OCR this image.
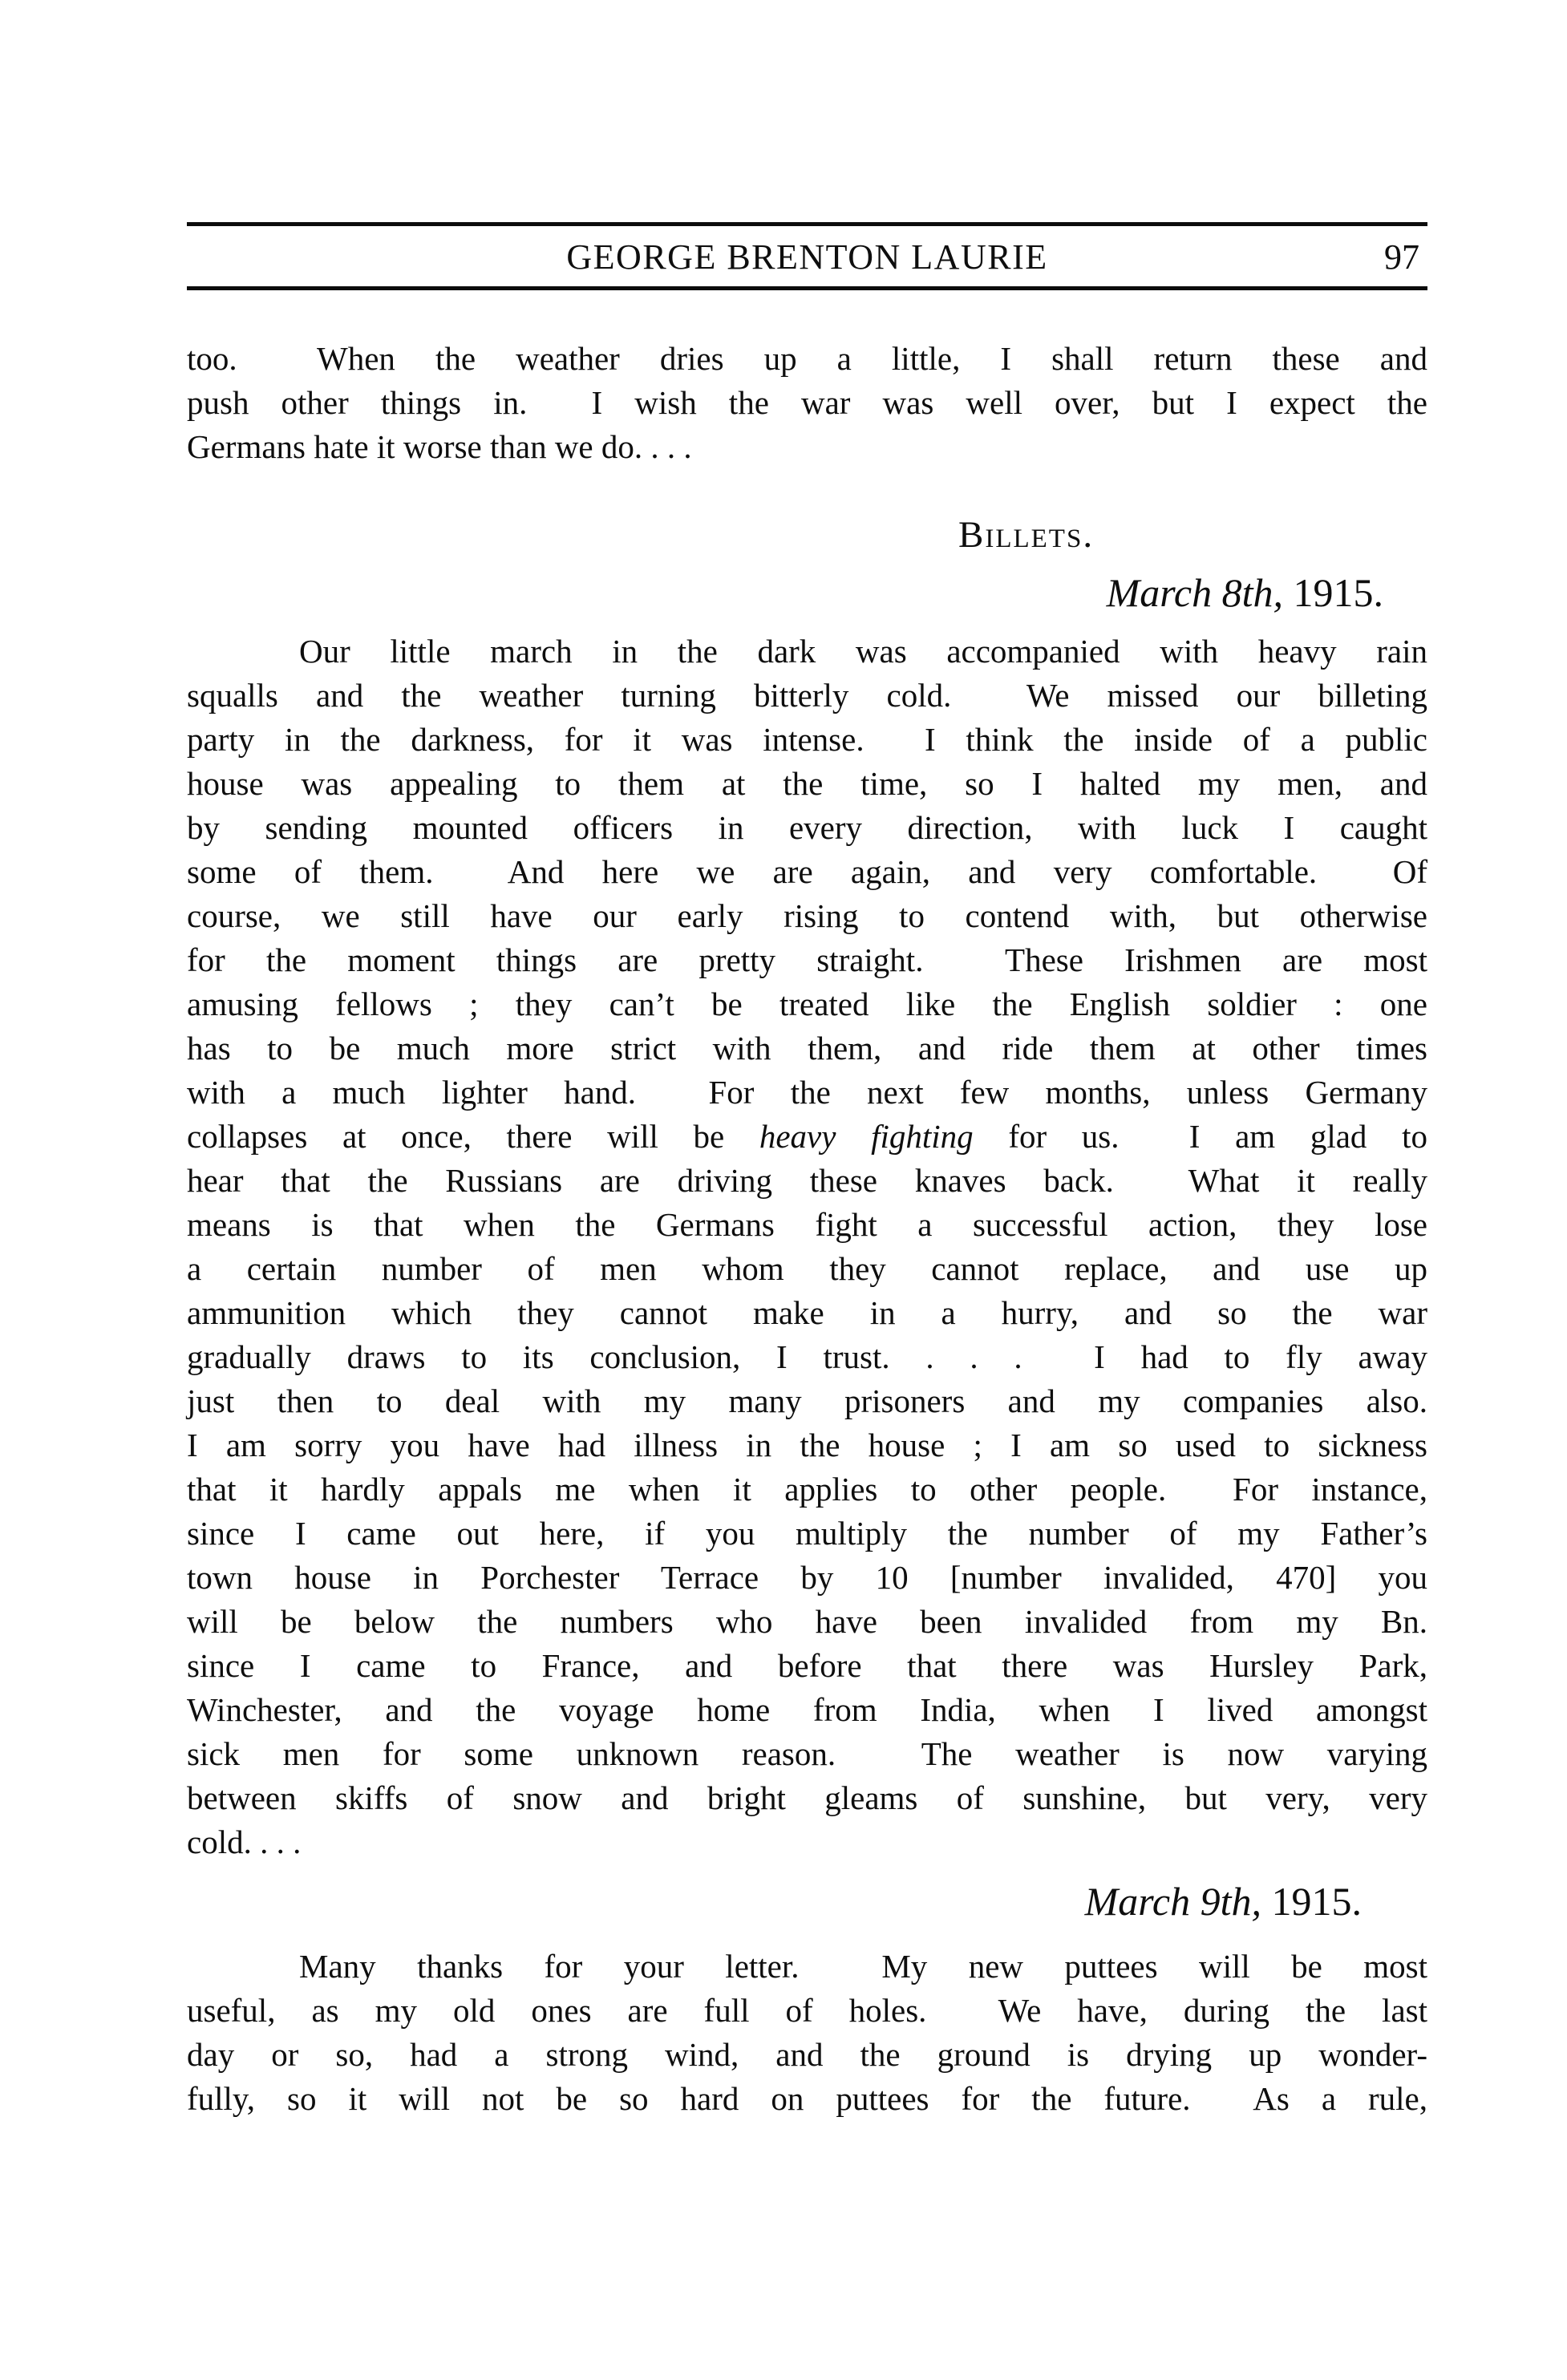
GEORGE BRENTON LAURIE	97
too.  When the weather dries up a little, I shall return these and
push other things in.  I wish the war was well over, but I expect the
Germans hate it worse than we do. . . .
Billets.
March 8th, 1915.
Our little march in the dark was accompanied with heavy rain
squalls and the weather turning bitterly cold.  We missed our billeting
party in the darkness, for it was intense.  I think the inside of a public
house was appealing to them at the time, so I halted my men, and
by sending mounted officers in every direction, with luck I caught
some of them.  And here we are again, and very comfortable.  Of
course, we still have our early rising to contend with, but otherwise
for the moment things are pretty straight.  These Irishmen are most
amusing fellows ; they can’t be treated like the English soldier : one
has to be much more strict with them, and ride them at other times
with a much lighter hand.  For the next few months, unless Germany
collapses at once, there will be heavy fighting for us.  I am glad to
hear that the Russians are driving these knaves back.  What it really
means is that when the Germans fight a successful action, they lose
a certain number of men whom they cannot replace, and use up
ammunition which they cannot make in a hurry, and so the war
gradually draws to its conclusion, I trust. . . .  I had to fly away
just then to deal with my many prisoners and my companies also.
I am sorry you have had illness in the house ; I am so used to sickness
that it hardly appals me when it applies to other people.  For instance,
since I came out here, if you multiply the number of my Father’s
town house in Porchester Terrace by 10 [number invalided, 470] you
will be below the numbers who have been invalided from my Bn.
since I came to France, and before that there was Hursley Park,
Winchester, and the voyage home from India, when I lived amongst
sick men for some unknown reason.  The weather is now varying
between skiffs of snow and bright gleams of sunshine, but very, very
cold. . . .
March 9th, 1915.
Many thanks for your letter.  My new puttees will be most
useful, as my old ones are full of holes.  We have, during the last
day or so, had a strong wind, and the ground is drying up wonder-
fully, so it will not be so hard on puttees for the future.  As a rule,
